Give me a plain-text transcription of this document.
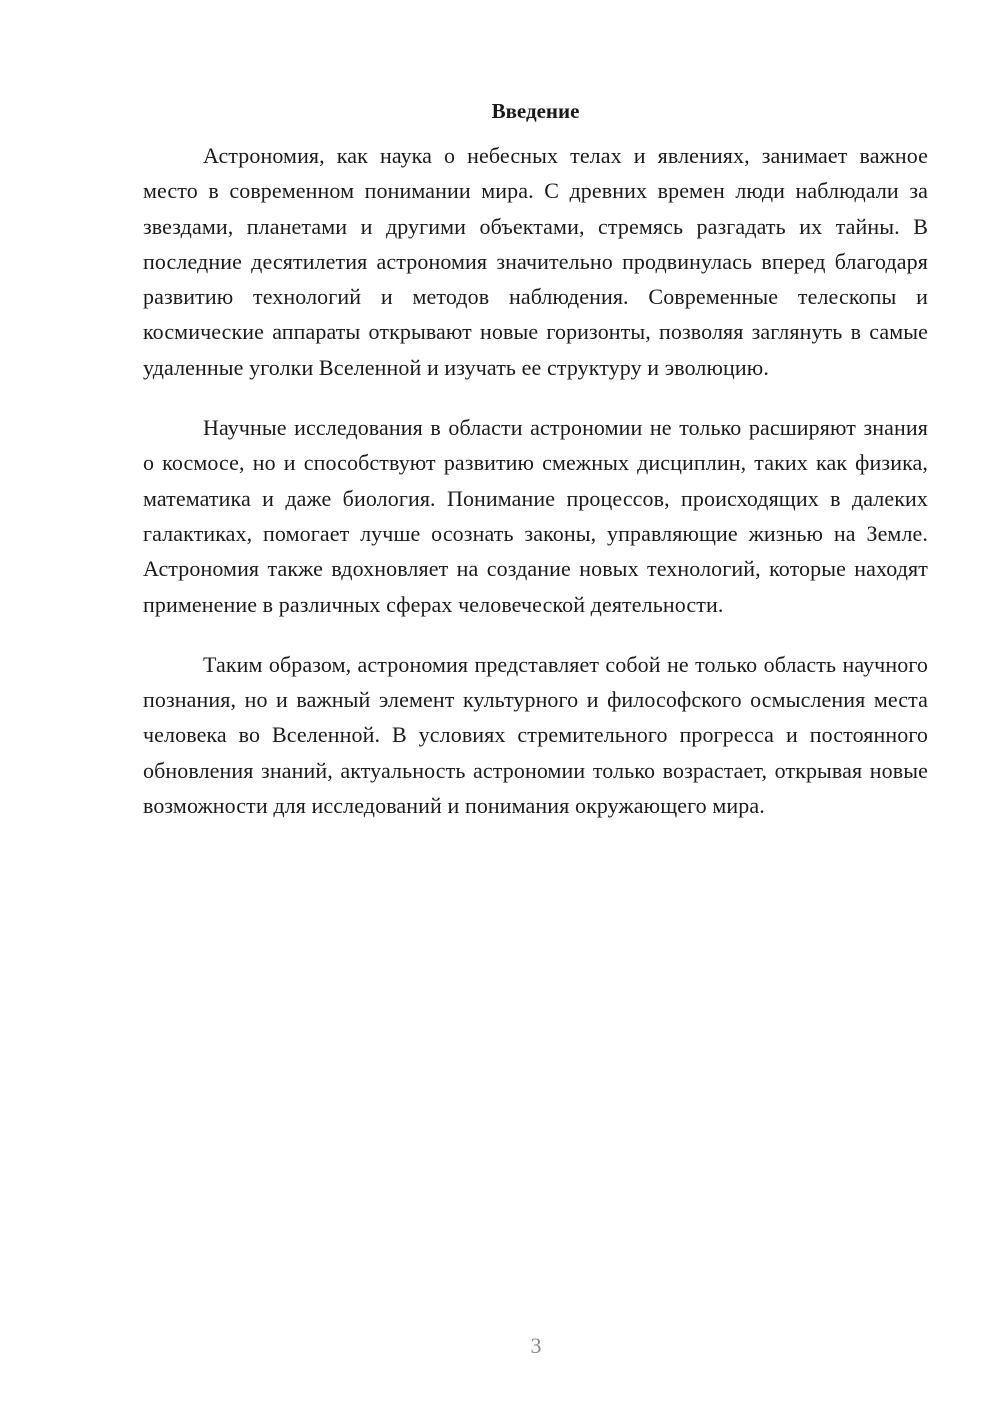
Введение

Астрономия, как наука о небесных телах и явлениях, занимает важное место в современном понимании мира. С древних времен люди наблюдали за звездами, планетами и другими объектами, стремясь разгадать их тайны. В последние десятилетия астрономия значительно продвинулась вперед благодаря развитию технологий и методов наблюдения. Современные телескопы и космические аппараты открывают новые горизонты, позволяя заглянуть в самые удаленные уголки Вселенной и изучать ее структуру и эволюцию.

Научные исследования в области астрономии не только расширяют знания о космосе, но и способствуют развитию смежных дисциплин, таких как физика, математика и даже биология. Понимание процессов, происходящих в далеких галактиках, помогает лучше осознать законы, управляющие жизнью на Земле. Астрономия также вдохновляет на создание новых технологий, которые находят применение в различных сферах человеческой деятельности.

Таким образом, астрономия представляет собой не только область научного познания, но и важный элемент культурного и философского осмысления места человека во Вселенной. В условиях стремительного прогресса и постоянного обновления знаний, актуальность астрономии только возрастает, открывая новые возможности для исследований и понимания окружающего мира.

3
